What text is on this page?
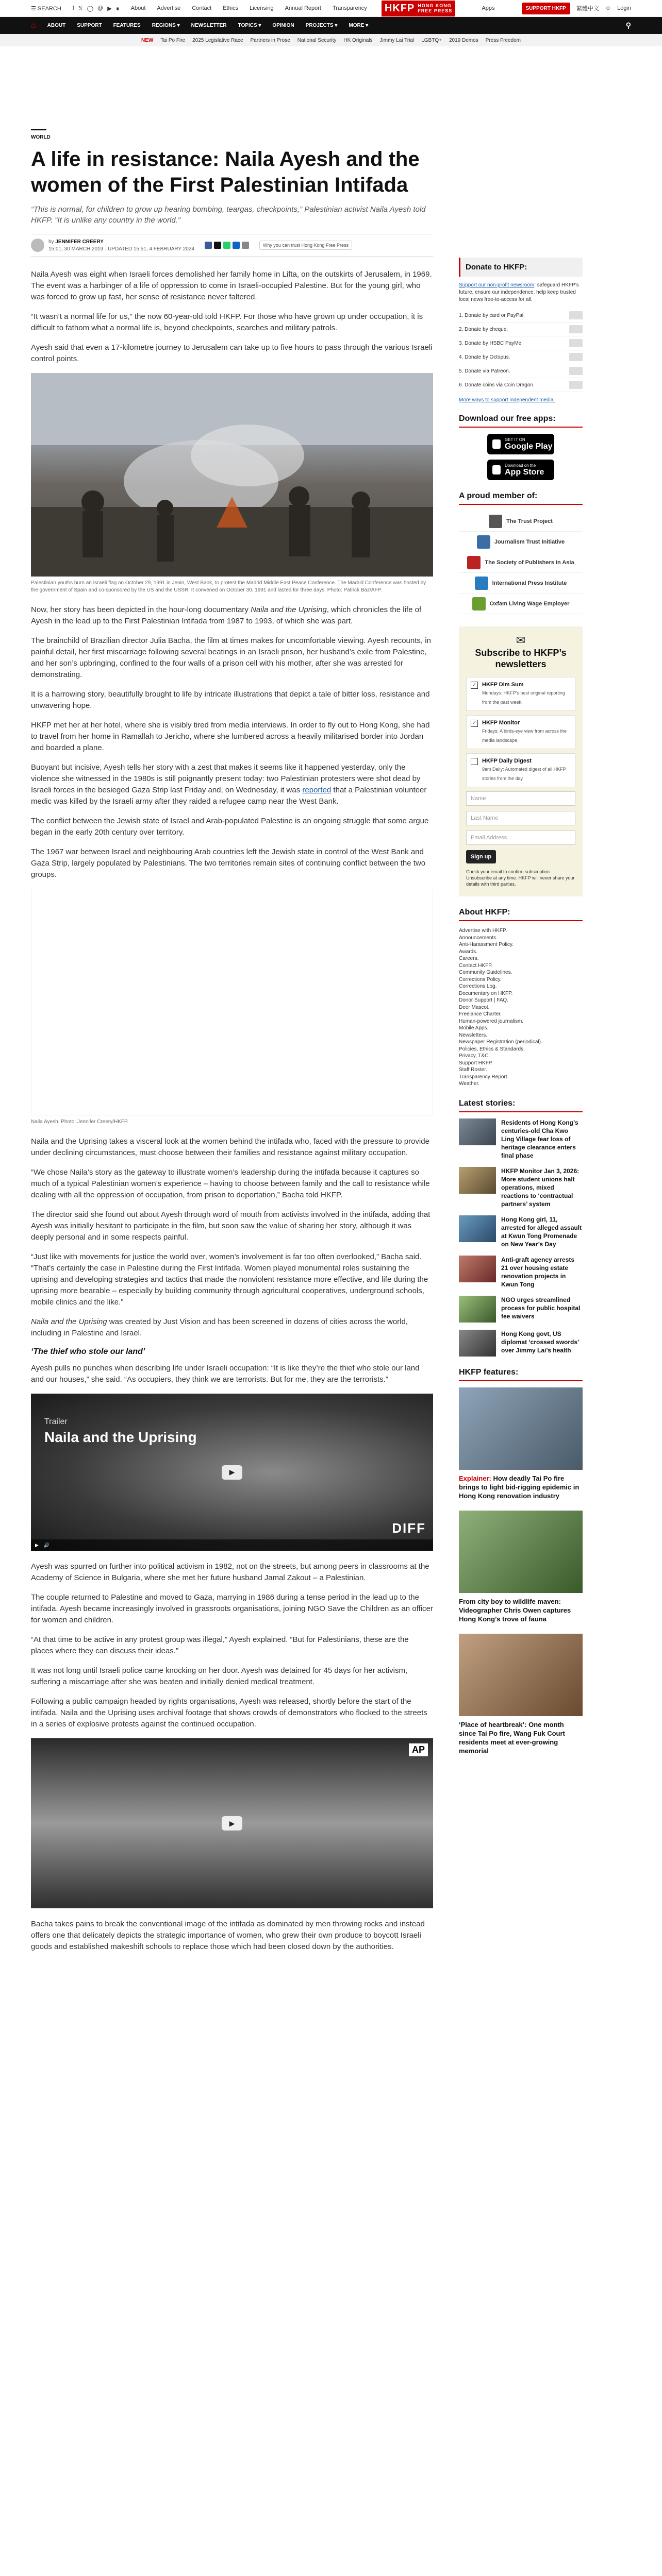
☰ SEARCH f 𝕏 ◯ @ ▶ ∎ About Advertise Contact Ethics Licensing Annual Report Transparency HKFP HONG KONG
FREE PRESS	Apps	SUPPORT HKFP	繁體中文 ☺ Login
⌂ ABOUT SUPPORT FEATURES REGIONS ▾ NEWSLETTER TOPICS ▾ OPINION PROJECTS ▾ MORE ▾	⚲
NEW Tai Po Fire 2025 Legislative Race Partners in Prose National Security HK Originals Jimmy Lai Trial LGBTQ+ 2019 Demos Press Freedom
WORLD
A life in resistance: Naila Ayesh and the women of the First Palestinian Intifada

“This is normal, for children to grow up hearing bombing, teargas, checkpoints,” Palestinian activist Naila Ayesh told HKFP. “It is unlike any country in the world.”

by JENNIFER CREERY
15:01, 30 MARCH 2019 · UPDATED 15:51, 4 FEBRUARY 2024
Why you can trust Hong Kong Free Press

Naila Ayesh was eight when Israeli forces demolished her family home in Lifta, on the outskirts of Jerusalem, in 1969. The event was a harbinger of a life of oppression to come in Israeli-occupied Palestine. But for the young girl, who was forced to grow up fast, her sense of resistance never faltered.

“It wasn’t a normal life for us,” the now 60-year-old told HKFP. For those who have grown up under occupation, it is difficult to fathom what a normal life is, beyond checkpoints, searches and military patrols.

Ayesh said that even a 17-kilometre journey to Jerusalem can take up to five hours to pass through the various Israeli control points.

Palestinian youths burn an Israeli flag on October 29, 1991 in Jenin, West Bank, to protest the Madrid Middle East Peace Conference. The Madrid Conference was hosted by the government of Spain and co-sponsored by the US and the USSR. It convened on October 30, 1991 and lasted for three days. Photo: Patrick Baz/AFP.

Now, her story has been depicted in the hour-long documentary Naila and the Uprising, which chronicles the life of Ayesh in the lead up to the First Palestinian Intifada from 1987 to 1993, of which she was part.

The brainchild of Brazilian director Julia Bacha, the film at times makes for uncomfortable viewing. Ayesh recounts, in painful detail, her first miscarriage following several beatings in an Israeli prison, her husband’s exile from Palestine, and her son’s upbringing, confined to the four walls of a prison cell with his mother, after she was arrested for demonstrating.

It is a harrowing story, beautifully brought to life by intricate illustrations that depict a tale of bitter loss, resistance and unwavering hope.

HKFP met her at her hotel, where she is visibly tired from media interviews. In order to fly out to Hong Kong, she had to travel from her home in Ramallah to Jericho, where she lumbered across a heavily militarised border into Jordan and boarded a plane.

Buoyant but incisive, Ayesh tells her story with a zest that makes it seems like it happened yesterday, only the violence she witnessed in the 1980s is still poignantly present today: two Palestinian protesters were shot dead by Israeli forces in the besieged Gaza Strip last Friday and, on Wednesday, it was reported that a Palestinian volunteer medic was killed by the Israeli army after they raided a refugee camp near the West Bank.

The conflict between the Jewish state of Israel and Arab-populated Palestine is an ongoing struggle that some argue began in the early 20th century over territory.

The 1967 war between Israel and neighbouring Arab countries left the Jewish state in control of the West Bank and Gaza Strip, largely populated by Palestinians. The two territories remain sites of continuing conflict between the two groups.

Naila Ayesh. Photo: Jennifer Creery/HKFP.

Naila and the Uprising takes a visceral look at the women behind the intifada who, faced with the pressure to provide under declining circumstances, must choose between their families and resistance against military occupation.

“We chose Naila’s story as the gateway to illustrate women’s leadership during the intifada because it captures so much of a typical Palestinian women’s experience – having to choose between family and the call to resistance while dealing with all the oppression of occupation, from prison to deportation,” Bacha told HKFP.

The director said she found out about Ayesh through word of mouth from activists involved in the intifada, adding that Ayesh was initially hesitant to participate in the film, but soon saw the value of sharing her story, although it was deeply personal and in some respects painful.

“Just like with movements for justice the world over, women’s involvement is far too often overlooked,” Bacha said. “That’s certainly the case in Palestine during the First Intifada. Women played monumental roles sustaining the uprising and developing strategies and tactics that made the nonviolent resistance more effective, and life during the uprising more bearable – especially by building community through agricultural cooperatives, underground schools, mobile clinics and the like.”

Naila and the Uprising was created by Just Vision and has been screened in dozens of cities across the world, including in Palestine and Israel.

‘The thief who stole our land’

Ayesh pulls no punches when describing life under Israeli occupation: “It is like they’re the thief who stole our land and our houses,” she said. “As occupiers, they think we are terrorists. But for me, they are the terrorists.”

Trailer
Naila and the Uprising
▶
DIFF
▶ 🔊

Ayesh was spurred on further into political activism in 1982, not on the streets, but among peers in classrooms at the Academy of Science in Bulgaria, where she met her future husband Jamal Zakout – a Palestinian.

The couple returned to Palestine and moved to Gaza, marrying in 1986 during a tense period in the lead up to the intifada. Ayesh became increasingly involved in grassroots organisations, joining NGO Save the Children as an officer for women and children.

“At that time to be active in any protest group was illegal,” Ayesh explained. “But for Palestinians, these are the places where they can discuss their ideas.”

It was not long until Israeli police came knocking on her door. Ayesh was detained for 45 days for her activism, suffering a miscarriage after she was beaten and initially denied medical treatment.

Following a public campaign headed by rights organisations, Ayesh was released, shortly before the start of the intifada. Naila and the Uprising uses archival footage that shows crowds of demonstrators who flocked to the streets in a series of explosive protests against the continued occupation.

AP
▶

Bacha takes pains to break the conventional image of the intifada as dominated by men throwing rocks and instead offers one that delicately depicts the strategic importance of women, who grew their own produce to boycott Israeli goods and established makeshift schools to replace those which had been closed down by the authorities.

Donate to HKFP:
Support our non-profit newsroom: safeguard HKFP’s future, ensure our independence, help keep trusted local news free-to-access for all.
1. Donate by card or PayPal.
2. Donate by cheque.
3. Donate by HSBC PayMe.
4. Donate by Octopus.
5. Donate via Patreon.
6. Donate coins via Coin Dragon.
More ways to support independent media.
Download our free apps:
GET IT ON
Google Play
Download on the
App Store
A proud member of:
The Trust Project
Journalism Trust Initiative
The Society of Publishers in Asia
International Press Institute
Oxfam Living Wage Employer
✉
Subscribe to HKFP’s newsletters
✓ HKFP Dim Sum
Mondays: HKFP’s best original reporting from the past week.
✓ HKFP Monitor
Fridays: A birds-eye view from across the media landscape.
HKFP Daily Digest
9am Daily: Automated digest of all HKFP stories from the day.
Name
Last Name
Email Address
Sign up
Check your email to confirm subscription. Unsubscribe at any time. HKFP will never share your details with third parties.
About HKFP:
Advertise with HKFP.
Announcements.
Anti-Harassment Policy.
Awards.
Careers.
Contact HKFP.
Community Guidelines.
Corrections Policy.
Corrections Log.
Documentary on HKFP.
Donor Support | FAQ.
Deer Mascot.
Freelance Charter.
Human-powered journalism.
Mobile Apps.
Newsletters.
Newspaper Registration (periodical).
Policies, Ethics & Standards.
Privacy, T&C.
Support HKFP.
Staff Roster.
Transparency Report.
Weather.
Latest stories:
Residents of Hong Kong’s centuries-old Cha Kwo Ling Village fear loss of heritage clearance enters final phase
HKFP Monitor Jan 3, 2026: More student unions halt operations, mixed reactions to ‘contractual partners’ system
Hong Kong girl, 11, arrested for alleged assault at Kwun Tong Promenade on New Year’s Day
Anti-graft agency arrests 21 over housing estate renovation projects in Kwun Tong
NGO urges streamlined process for public hospital fee waivers
Hong Kong govt, US diplomat ‘crossed swords’ over Jimmy Lai’s health
HKFP features:
Explainer: How deadly Tai Po fire brings to light bid-rigging epidemic in Hong Kong renovation industry
From city boy to wildlife maven: Videographer Chris Owen captures Hong Kong’s trove of fauna
‘Place of heartbreak’: One month since Tai Po fire, Wang Fuk Court residents meet at ever-growing memorial
